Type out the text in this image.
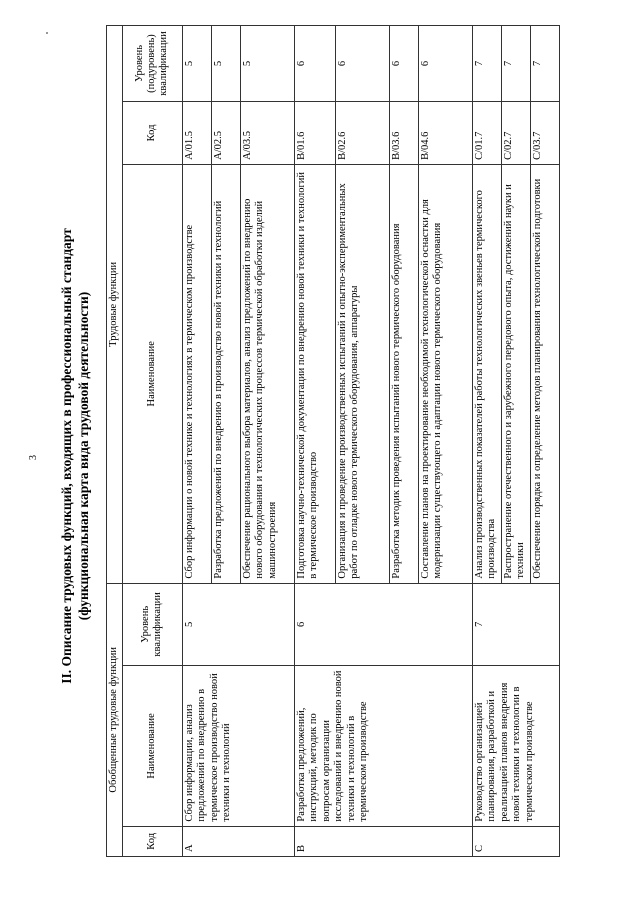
3 II. Описание трудовых функций, входящих в профессиональный стандарт (функциональная карта вида трудовой деятельности)
Обобщенные трудовые функции			Трудовые функции		
Код	Наименование	Уровень квалификации	Наименование	Код	Уровень (подуровень) квалификации
A	Сбор информации, анализ предложений по внедрению в термическое производство новой техники и технологий	5	Сбор информации о новой технике и технологиях в термическом производстве	A/01.5	5
			Разработка предложений по внедрению в производство новой техники и технологий	A/02.5	5
			Обеспечение рационального выбора материалов, анализ предложений по внедрению нового оборудования и технологических процессов термической обработки изделий машиностроения	A/03.5	5
B	Разработка предложений, инструкций, методик по вопросам организации исследований и внедрению новой техники и технологий в термическом производстве	6	Подготовка научно-технической документации по внедрению новой техники и технологий в термическое производство	B/01.6	6
			Организация и проведение производственных испытаний и опытно-экспериментальных работ по отладке нового термического оборудования, аппаратуры	B/02.6	6
			Разработка методик проведения испытаний нового термического оборудования	B/03.6	6
			Составление планов на проектирование необходимой технологической оснастки для модернизации существующего и адаптации нового термического оборудования	B/04.6	6
C	Руководство организацией планирования, разработкой и реализацией планов внедрения новой техники и технологии в термическом производстве	7	Анализ производственных показателей работы технологических звеньев термического производства	C/01.7	7
			Распространение отечественного и зарубежного передового опыта, достижений науки и техники	C/02.7	7
			Обеспечение порядка и определение методов планирования технологической подготовки	C/03.7	7
